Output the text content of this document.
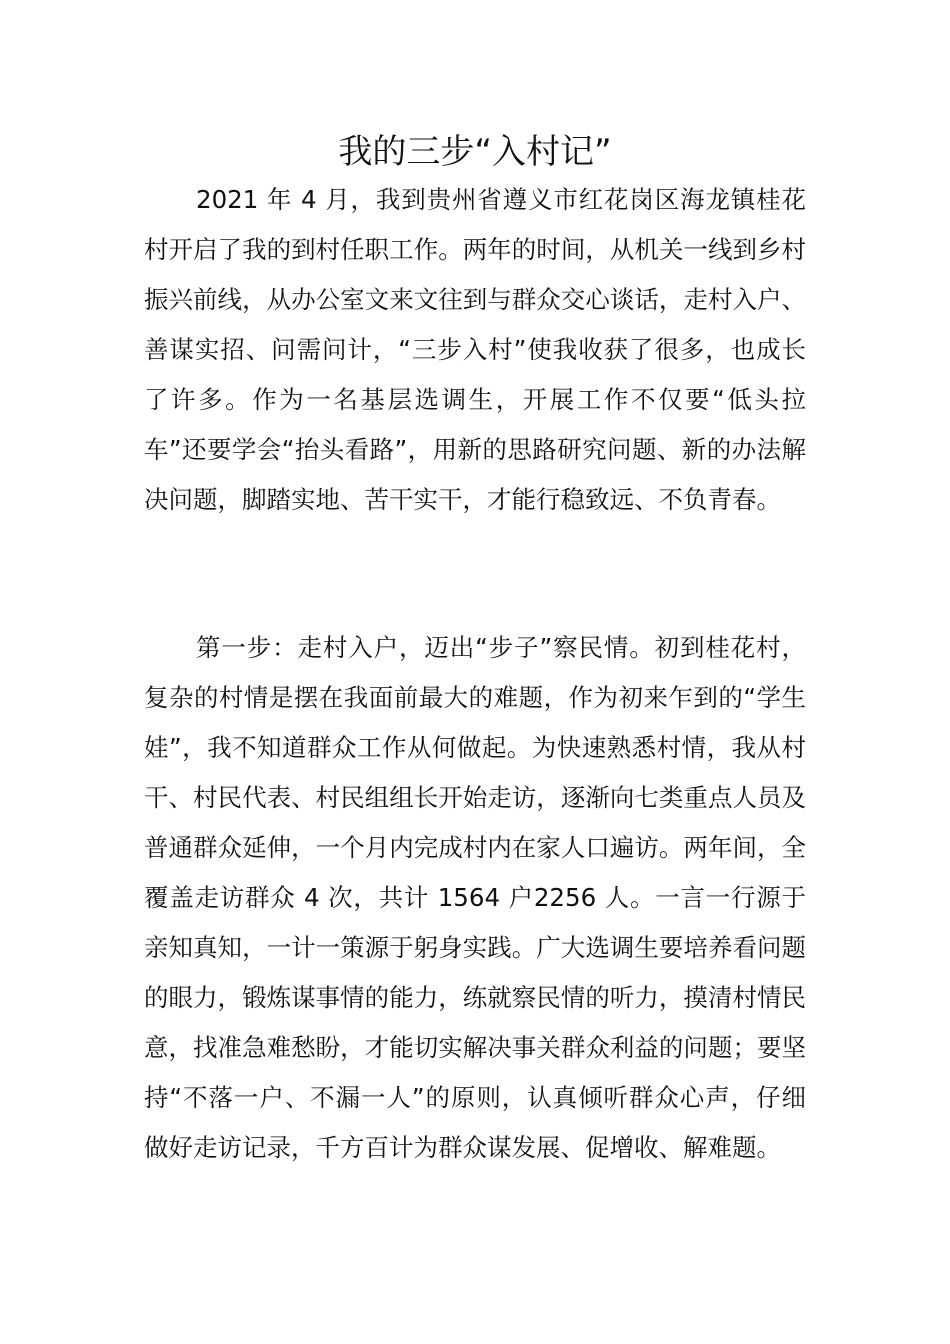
我的三步“入村记”

2021 年 4 月，我到贵州省遵义市红花岗区海龙镇桂花村开启了我的到村任职工作。两年的时间，从机关一线到乡村振兴前线，从办公室文来文往到与群众交心谈话，走村入户、善谋实招、问需问计，“三步入村”使我收获了很多，也成长了许多。作为一名基层选调生，开展工作不仅要“低头拉车”还要学会“抬头看路”，用新的思路研究问题、新的办法解决问题，脚踏实地、苦干实干，才能行稳致远、不负青春。

第一步：走村入户，迈出“步子”察民情。初到桂花村，复杂的村情是摆在我面前最大的难题，作为初来乍到的“学生娃”，我不知道群众工作从何做起。为快速熟悉村情，我从村干、村民代表、村民组组长开始走访，逐渐向七类重点人员及普通群众延伸，一个月内完成村内在家人口遍访。两年间，全覆盖走访群众 4 次，共计 1564 户2256 人。一言一行源于亲知真知，一计一策源于躬身实践。广大选调生要培养看问题的眼力，锻炼谋事情的能力，练就察民情的听力，摸清村情民意，找准急难愁盼，才能切实解决事关群众利益的问题；要坚持“不落一户、不漏一人”的原则，认真倾听群众心声，仔细做好走访记录，千方百计为群众谋发展、促增收、解难题。
